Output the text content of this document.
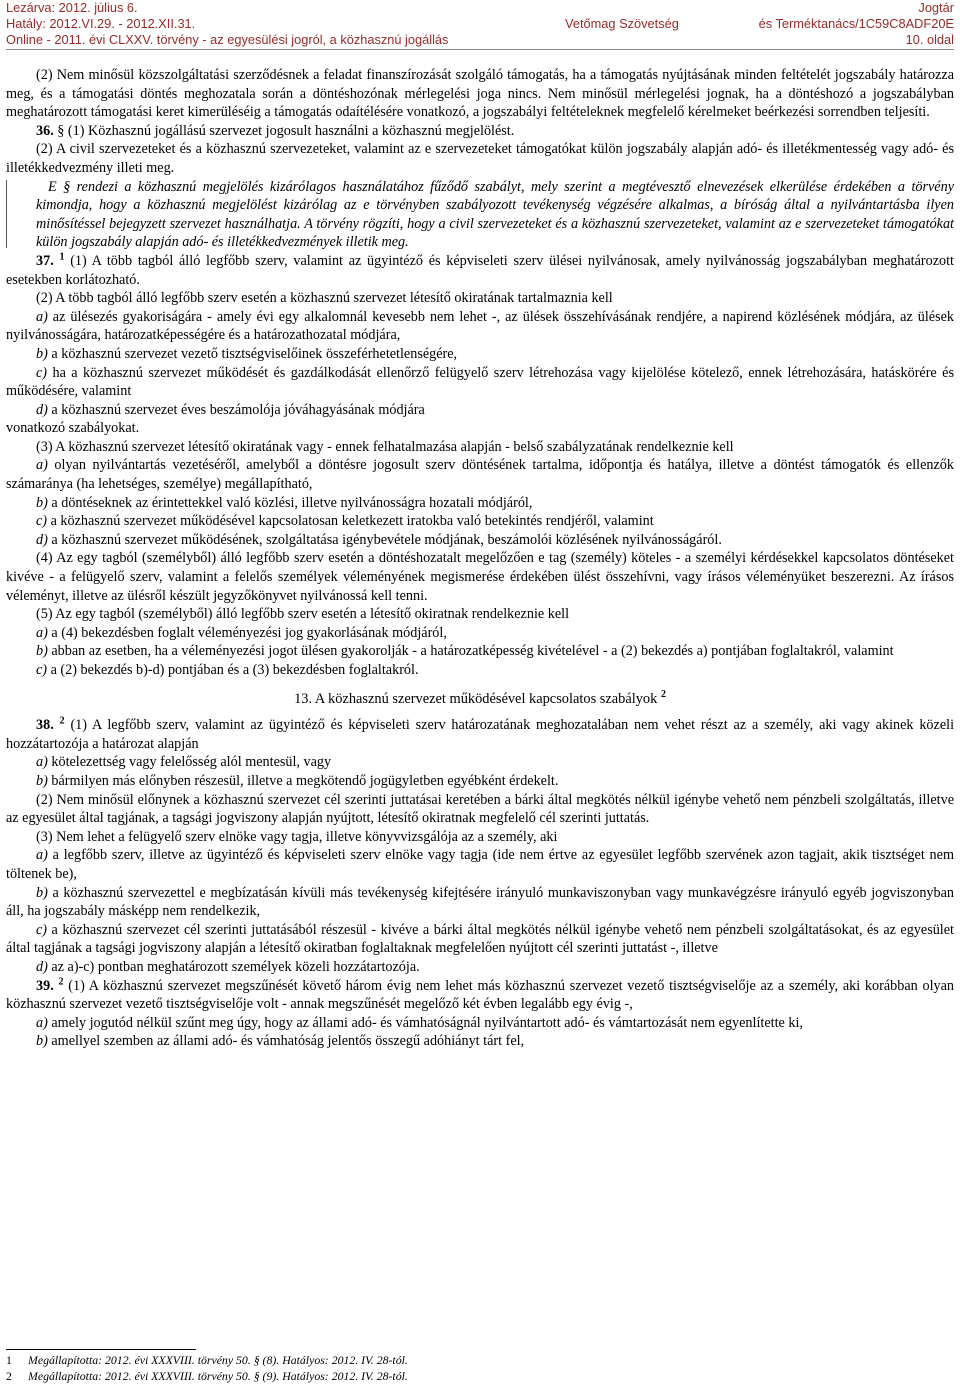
Lezárva: 2012. július 6.
Hatály: 2012.VI.29. - 2012.XII.31.
Online - 2011. évi CLXXV. törvény - az egyesülési jogról, a közhasznú jogállás
Vetőmag Szövetség
Jogtár
és Terméktanács/1C59C8ADF20E
10. oldal

(2) Nem minősül közszolgáltatási szerződésnek a feladat finanszírozását szolgáló támogatás, ha a támogatás nyújtásának minden feltételét jogszabály határozza meg, és a támogatási döntés meghozatala során a döntéshozónak mérlegelési joga nincs. Nem minősül mérlegelési jognak, ha a döntéshozó a jogszabályban meghatározott támogatási keret kimerüléséig a támogatás odaítélésére vonatkozó, a jogszabályi feltételeknek megfelelő kérelmeket beérkezési sorrendben teljesíti.

36. § (1) Közhasznú jogállású szervezet jogosult használni a közhasznú megjelölést.

(2) A civil szervezeteket és a közhasznú szervezeteket, valamint az e szervezeteket támogatókat külön jogszabály alapján adó- és illetékmentesség vagy adó- és illetékkedvezmény illeti meg.

E § rendezi a közhasznú megjelölés kizárólagos használatához fűződő szabályt, mely szerint a megtévesztő elnevezések elkerülése érdekében a törvény kimondja, hogy a közhasznú megjelölést kizárólag az e törvényben szabályozott tevékenység végzésére alkalmas, a bíróság által a nyilvántartásba ilyen minősítéssel bejegyzett szervezet használhatja. A törvény rögzíti, hogy a civil szervezeteket és a közhasznú szervezeteket, valamint az e szervezeteket támogatókat külön jogszabály alapján adó- és illetékkedvezmények illetik meg.

37. $^1$ (1) A több tagból álló legfőbb szerv, valamint az ügyintéző és képviseleti szerv ülései nyilvánosak, amely nyilvánosság jogszabályban meghatározott esetekben korlátozható.

(2) A több tagból álló legfőbb szerv esetén a közhasznú szervezet létesítő okiratának tartalmaznia kell

a) az ülésezés gyakoriságára - amely évi egy alkalomnál kevesebb nem lehet -, az ülések összehívásának rendjére, a napirend közlésének módjára, az ülések nyilvánosságára, határozatképességére és a határozathozatal módjára,

b) a közhasznú szervezet vezető tisztségviselőinek összeférhetetlenségére,

c) ha a közhasznú szervezet működését és gazdálkodását ellenőrző felügyelő szerv létrehozása vagy kijelölése kötelező, ennek létrehozására, hatáskörére és működésére, valamint

d) a közhasznú szervezet éves beszámolója jóváhagyásának módjára

vonatkozó szabályokat.

(3) A közhasznú szervezet létesítő okiratának vagy - ennek felhatalmazása alapján - belső szabályzatának rendelkeznie kell

a) olyan nyilvántartás vezetéséről, amelyből a döntésre jogosult szerv döntésének tartalma, időpontja és hatálya, illetve a döntést támogatók és ellenzők számaránya (ha lehetséges, személye) megállapítható,

b) a döntéseknek az érintettekkel való közlési, illetve nyilvánosságra hozatali módjáról,

c) a közhasznú szervezet működésével kapcsolatosan keletkezett iratokba való betekintés rendjéről, valamint

d) a közhasznú szervezet működésének, szolgáltatása igénybevétele módjának, beszámolói közlésének nyilvánosságáról.

(4) Az egy tagból (személyből) álló legfőbb szerv esetén a döntéshozatalt megelőzően e tag (személy) köteles - a személyi kérdésekkel kapcsolatos döntéseket kivéve - a felügyelő szerv, valamint a felelős személyek véleményének megismerése érdekében ülést összehívni, vagy írásos véleményüket beszerezni. Az írásos véleményt, illetve az ülésről készült jegyzőkönyvet nyilvánossá kell tenni.

(5) Az egy tagból (személyből) álló legfőbb szerv esetén a létesítő okiratnak rendelkeznie kell

a) a (4) bekezdésben foglalt véleményezési jog gyakorlásának módjáról,

b) abban az esetben, ha a véleményezési jogot ülésen gyakorolják - a határozatképesség kivételével - a (2) bekezdés a) pontjában foglaltakról, valamint

c) a (2) bekezdés b)-d) pontjában és a (3) bekezdésben foglaltakról.

13. A közhasznú szervezet működésével kapcsolatos szabályok $^2$

38. $^2$ (1) A legfőbb szerv, valamint az ügyintéző és képviseleti szerv határozatának meghozatalában nem vehet részt az a személy, aki vagy akinek közeli hozzátartozója a határozat alapján

a) kötelezettség vagy felelősség alól mentesül, vagy

b) bármilyen más előnyben részesül, illetve a megkötendő jogügyletben egyébként érdekelt.

(2) Nem minősül előnynek a közhasznú szervezet cél szerinti juttatásai keretében a bárki által megkötés nélkül igénybe vehető nem pénzbeli szolgáltatás, illetve az egyesület által tagjának, a tagsági jogviszony alapján nyújtott, létesítő okiratnak megfelelő cél szerinti juttatás.

(3) Nem lehet a felügyelő szerv elnöke vagy tagja, illetve könyvvizsgálója az a személy, aki

a) a legfőbb szerv, illetve az ügyintéző és képviseleti szerv elnöke vagy tagja (ide nem értve az egyesület legfőbb szervének azon tagjait, akik tisztséget nem töltenek be),

b) a közhasznú szervezettel e megbízatásán kívüli más tevékenység kifejtésére irányuló munkaviszonyban vagy munkavégzésre irányuló egyéb jogviszonyban áll, ha jogszabály másképp nem rendelkezik,

c) a közhasznú szervezet cél szerinti juttatásából részesül - kivéve a bárki által megkötés nélkül igénybe vehető nem pénzbeli szolgáltatásokat, és az egyesület által tagjának a tagsági jogviszony alapján a létesítő okiratban foglaltaknak megfelelően nyújtott cél szerinti juttatást -, illetve

d) az a)-c) pontban meghatározott személyek közeli hozzátartozója.

39. $^2$ (1) A közhasznú szervezet megszűnését követő három évig nem lehet más közhasznú szervezet vezető tisztségviselője az a személy, aki korábban olyan közhasznú szervezet vezető tisztségviselője volt - annak megszűnését megelőző két évben legalább egy évig -,

a) amely jogutód nélkül szűnt meg úgy, hogy az állami adó- és vámhatóságnál nyilvántartott adó- és vámtartozását nem egyenlítette ki,

b) amellyel szemben az állami adó- és vámhatóság jelentős összegű adóhiányt tárt fel,

1 Megállapította: 2012. évi XXXVIII. törvény 50. § (8). Hatályos: 2012. IV. 28-tól.
2 Megállapította: 2012. évi XXXVIII. törvény 50. § (9). Hatályos: 2012. IV. 28-tól.
